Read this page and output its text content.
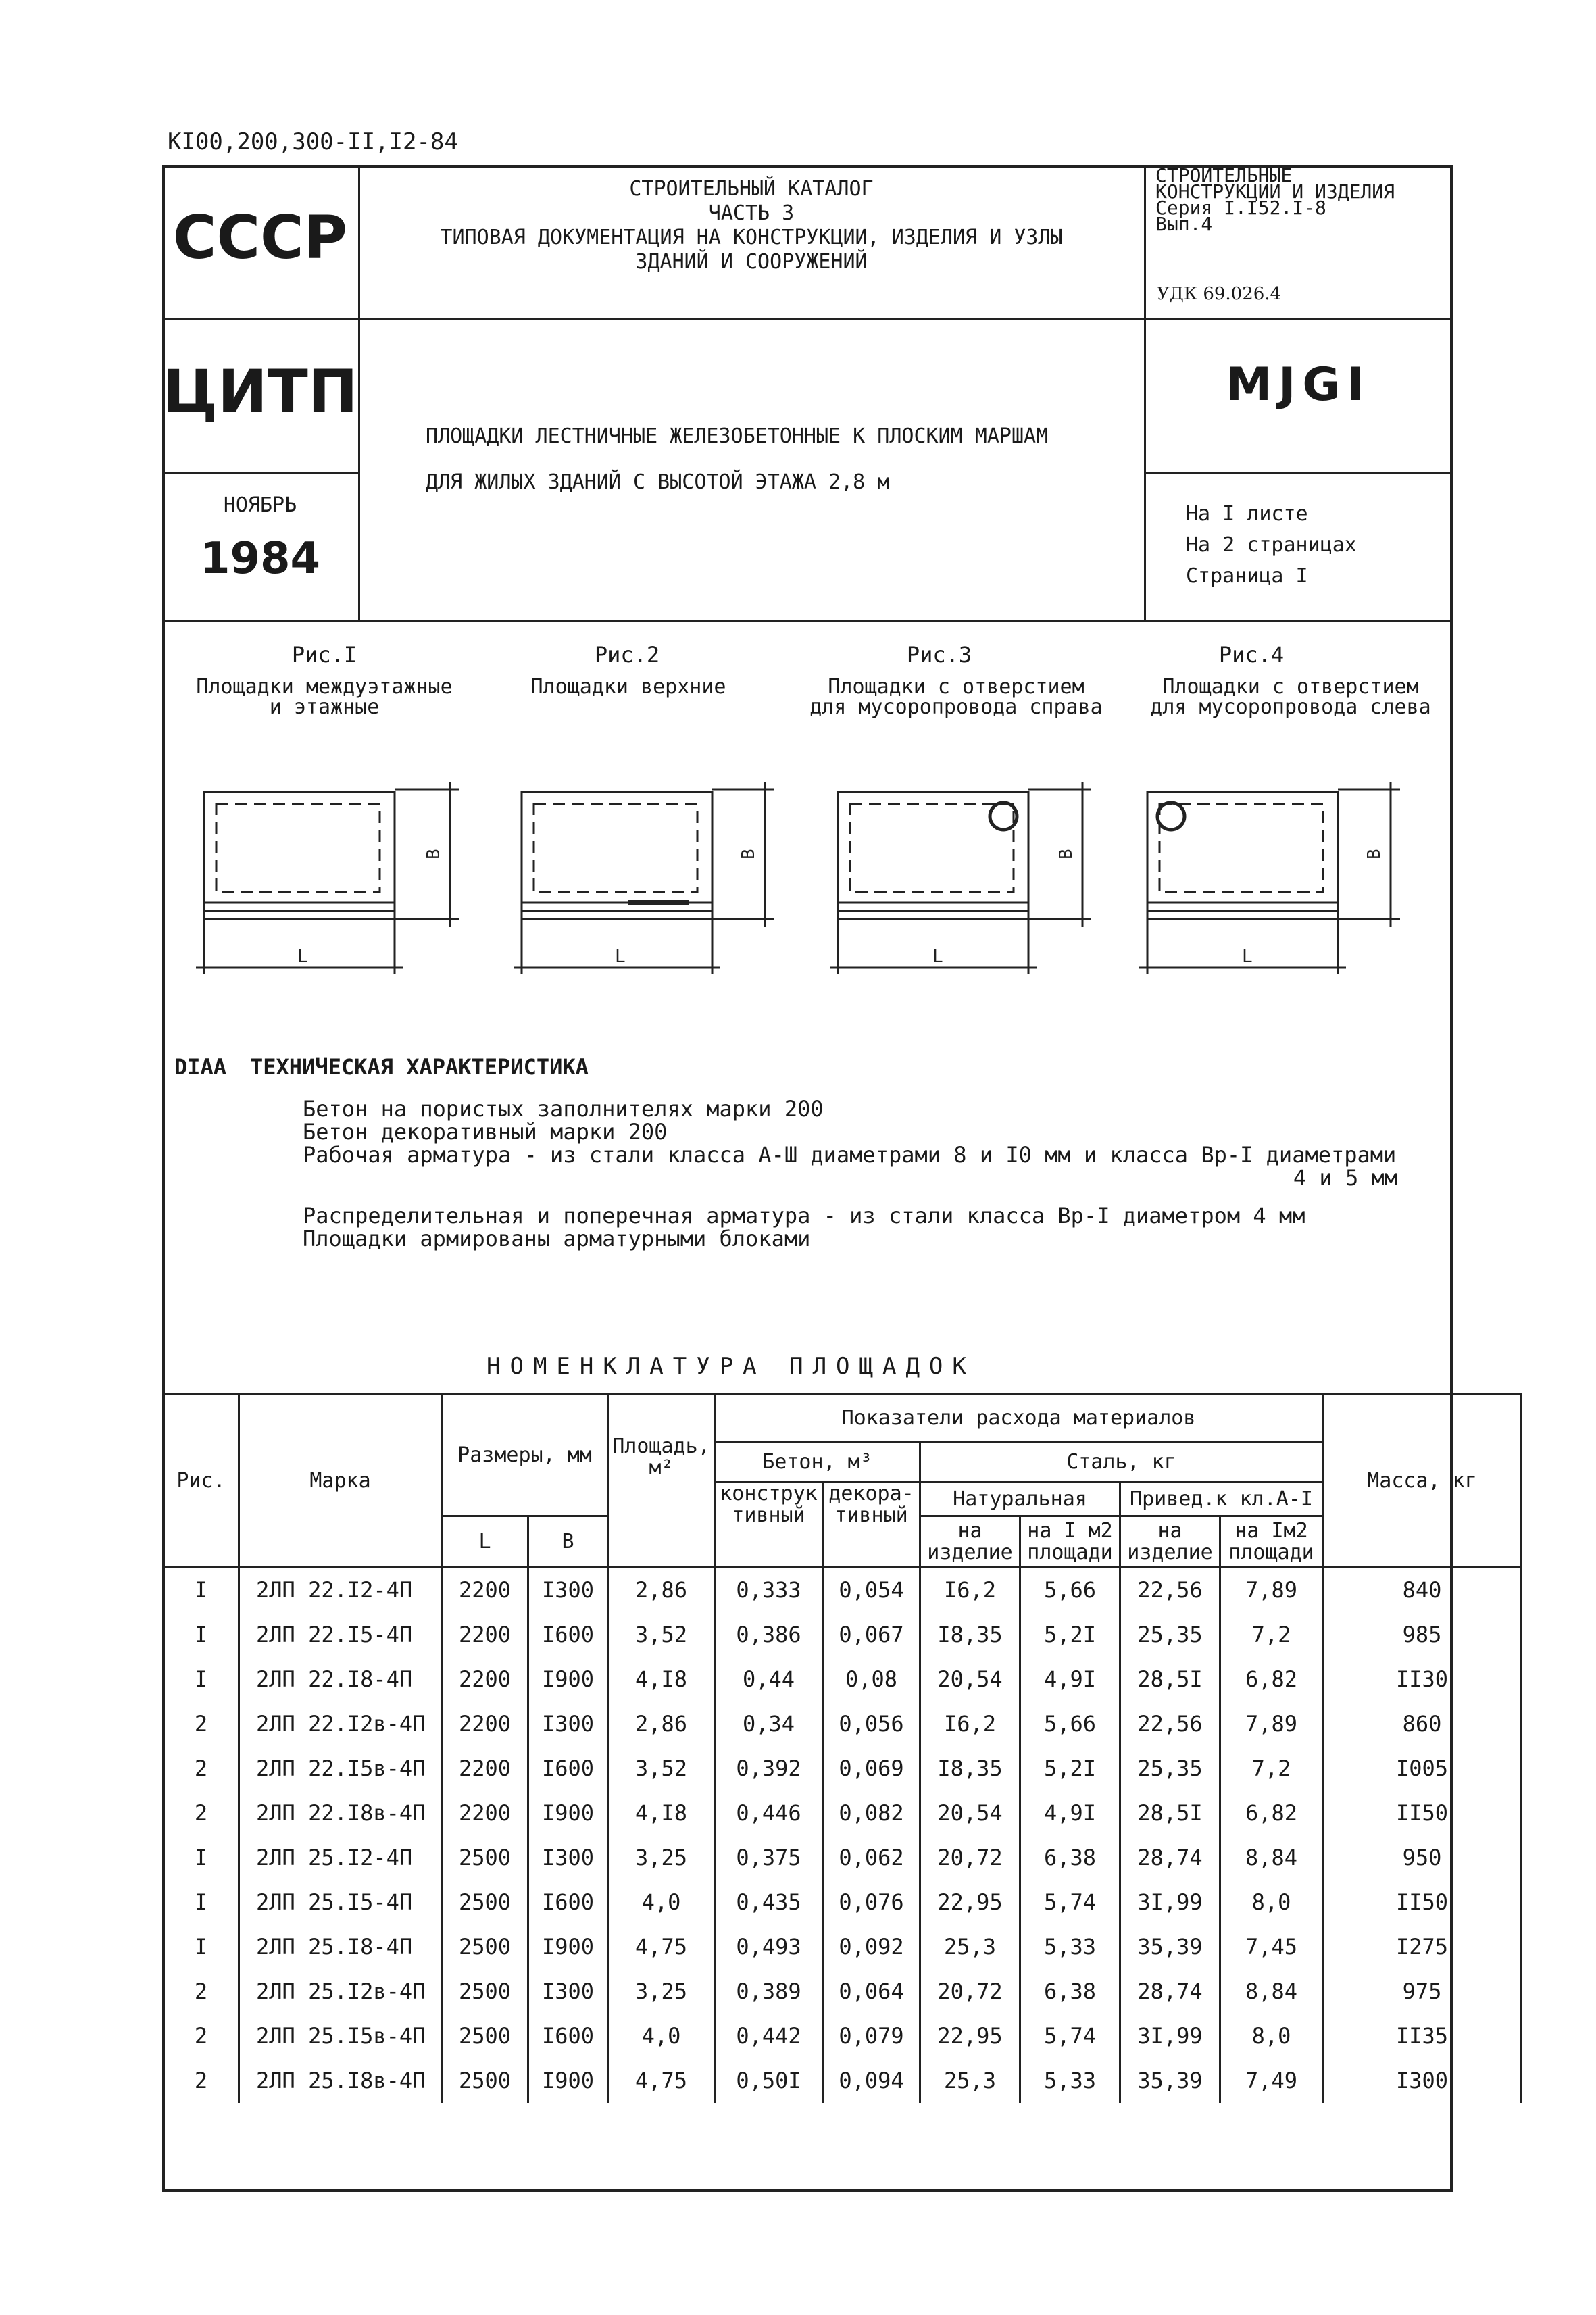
КI00,200,300-II,I2-84
СССР
ЦИТП
НОЯБРЬ
1984
СТРОИТЕЛЬНЫЙ КАТАЛОГ
ЧАСТЬ 3
ТИПОВАЯ ДОКУМЕНТАЦИЯ НА КОНСТРУКЦИИ, ИЗДЕЛИЯ И УЗЛЫ
ЗДАНИЙ И СООРУЖЕНИЙ
СТРОИТЕЛЬНЫЕ
КОНСТРУКЦИИ И ИЗДЕЛИЯ
Серия I.I52.I-8
Вып.4
УДК 69.026.4
ПЛОЩАДКИ ЛЕСТНИЧНЫЕ ЖЕЛЕЗОБЕТОННЫЕ К ПЛОСКИМ МАРШАМ
ДЛЯ ЖИЛЫХ ЗДАНИЙ С ВЫСОТОЙ ЭТАЖА 2,8 м
МJGI
На I листе
На 2 страницах
Страница I
Рис.I
Площадки междуэтажные
и этажные
Рис.2
Площадки верхние
Рис.3
Площадки с отверстием
для мусоропровода справа
Рис.4
Площадки с отверстием
для мусоропровода слева
L	L	L	L
В	В	В	В
DIAA ТЕХНИЧЕСКАЯ ХАРАКТЕРИСТИКА
Бетон на пористых заполнителях марки 200
Бетон декоративный марки 200
Рабочая арматура - из стали класса А-Ш диаметрами 8 и I0 мм и класса Вр-I диаметрами
4 и 5 мм
Распределительная и поперечная арматура - из стали класса Вр-I диаметром 4 мм
Площадки армированы арматурными блоками
НОМЕНКЛАТУРА ПЛОЩАДОК
Рис.	Марка	Размеры, мм		Площадь, м²	Показатели расхода материалов						Масса, кг
					Бетон, м³		Сталь, кг				
					конструк тивный	декора- тивный	Натуральная		Привед.к кл.А-I		
		L	В				на изделие	на I м2 площади	на изделие	на Iм2 площади	
I	2ЛП 22.I2-4П	2200	I300	2,86	0,333	0,054	I6,2	5,66	22,56	7,89	840
I	2ЛП 22.I5-4П	2200	I600	3,52	0,386	0,067	I8,35	5,2I	25,35	7,2	985
I	2ЛП 22.I8-4П	2200	I900	4,I8	0,44	0,08	20,54	4,9I	28,5I	6,82	II30
2	2ЛП 22.I2в-4П	2200	I300	2,86	0,34	0,056	I6,2	5,66	22,56	7,89	860
2	2ЛП 22.I5в-4П	2200	I600	3,52	0,392	0,069	I8,35	5,2I	25,35	7,2	I005
2	2ЛП 22.I8в-4П	2200	I900	4,I8	0,446	0,082	20,54	4,9I	28,5I	6,82	II50
I	2ЛП 25.I2-4П	2500	I300	3,25	0,375	0,062	20,72	6,38	28,74	8,84	950
I	2ЛП 25.I5-4П	2500	I600	4,0	0,435	0,076	22,95	5,74	3I,99	8,0	II50
I	2ЛП 25.I8-4П	2500	I900	4,75	0,493	0,092	25,3	5,33	35,39	7,45	I275
2	2ЛП 25.I2в-4П	2500	I300	3,25	0,389	0,064	20,72	6,38	28,74	8,84	975
2	2ЛП 25.I5в-4П	2500	I600	4,0	0,442	0,079	22,95	5,74	3I,99	8,0	II35
2	2ЛП 25.I8в-4П	2500	I900	4,75	0,50I	0,094	25,3	5,33	35,39	7,49	I300
